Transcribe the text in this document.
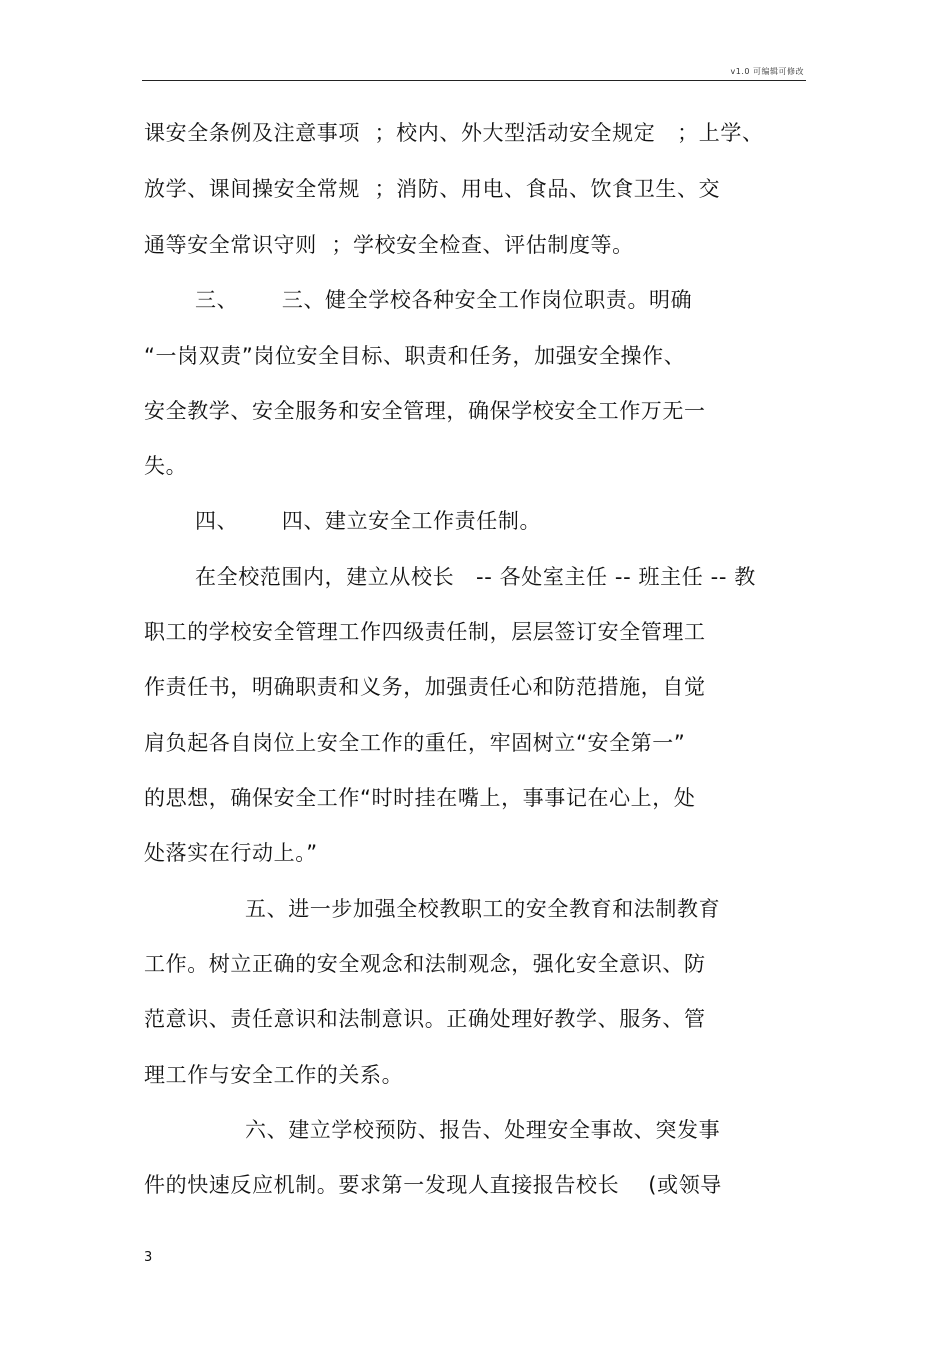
v1.0 可编辑可修改
课安全条例及注意事项  ；校内、外大型活动安全规定   ；上学、
放学、课间操安全常规  ；消防、用电、食品、饮食卫生、交
通等安全常识守则  ；学校安全检查、评估制度等。
三、      三、健全学校各种安全工作岗位职责。明确
“一岗双责”岗位安全目标、职责和任务，加强安全操作、
安全教学、安全服务和安全管理，确保学校安全工作万无一
失。
四、      四、建立安全工作责任制。
在全校范围内，建立从校长   -- 各处室主任 -- 班主任 -- 教
职工的学校安全管理工作四级责任制，层层签订安全管理工
作责任书，明确职责和义务，加强责任心和防范措施，自觉
肩负起各自岗位上安全工作的重任，牢固树立“安全第一”
的思想，确保安全工作“时时挂在嘴上，事事记在心上，处
处落实在行动上。”
五、进一步加强全校教职工的安全教育和法制教育
工作。树立正确的安全观念和法制观念，强化安全意识、防
范意识、责任意识和法制意识。正确处理好教学、服务、管
理工作与安全工作的关系。
六、建立学校预防、报告、处理安全事故、突发事
件的快速反应机制。要求第一发现人直接报告校长    (或领导
3
